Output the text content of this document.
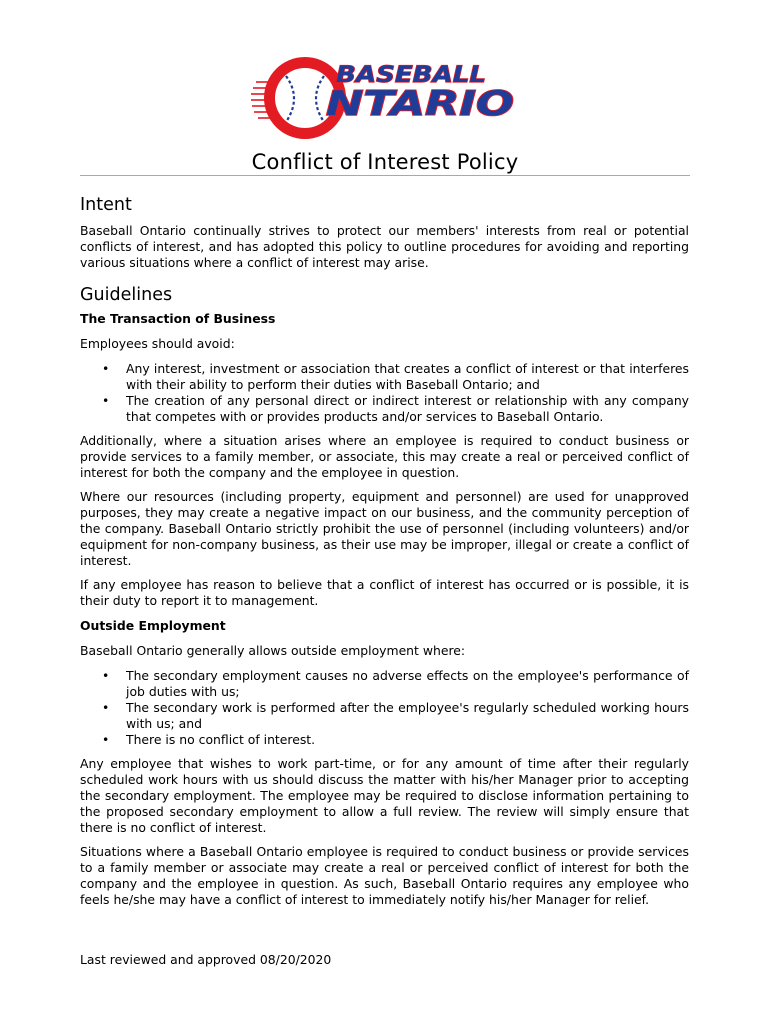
BASEBALL
NTARIO
Conflict of Interest Policy
Intent

Baseball Ontario continually strives to protect our members' interests from real or potential conflicts of interest, and has adopted this policy to outline procedures for avoiding and reporting various situations where a conflict of interest may arise.

Guidelines
The Transaction of Business

Employees should avoid:

• Any interest, investment or association that creates a conflict of interest or that interferes with their ability to perform their duties with Baseball Ontario; and
• The creation of any personal direct or indirect interest or relationship with any company that competes with or provides products and/or services to Baseball Ontario.

Additionally, where a situation arises where an employee is required to conduct business or provide services to a family member, or associate, this may create a real or perceived conflict of interest for both the company and the employee in question.

Where our resources (including property, equipment and personnel) are used for unapproved purposes, they may create a negative impact on our business, and the community perception of the company. Baseball Ontario strictly prohibit the use of personnel (including volunteers) and/or equipment for non-company business, as their use may be improper, illegal or create a conflict of interest.

If any employee has reason to believe that a conflict of interest has occurred or is possible, it is their duty to report it to management.

Outside Employment

Baseball Ontario generally allows outside employment where:

• The secondary employment causes no adverse effects on the employee's performance of job duties with us;
• The secondary work is performed after the employee's regularly scheduled working hours with us; and
• There is no conflict of interest.

Any employee that wishes to work part-time, or for any amount of time after their regularly scheduled work hours with us should discuss the matter with his/her Manager prior to accepting the secondary employment. The employee may be required to disclose information pertaining to the proposed secondary employment to allow a full review. The review will simply ensure that there is no conflict of interest.

Situations where a Baseball Ontario employee is required to conduct business or provide services to a family member or associate may create a real or perceived conflict of interest for both the company and the employee in question. As such, Baseball Ontario requires any employee who feels he/she may have a conflict of interest to immediately notify his/her Manager for relief.

Last reviewed and approved 08/20/2020
